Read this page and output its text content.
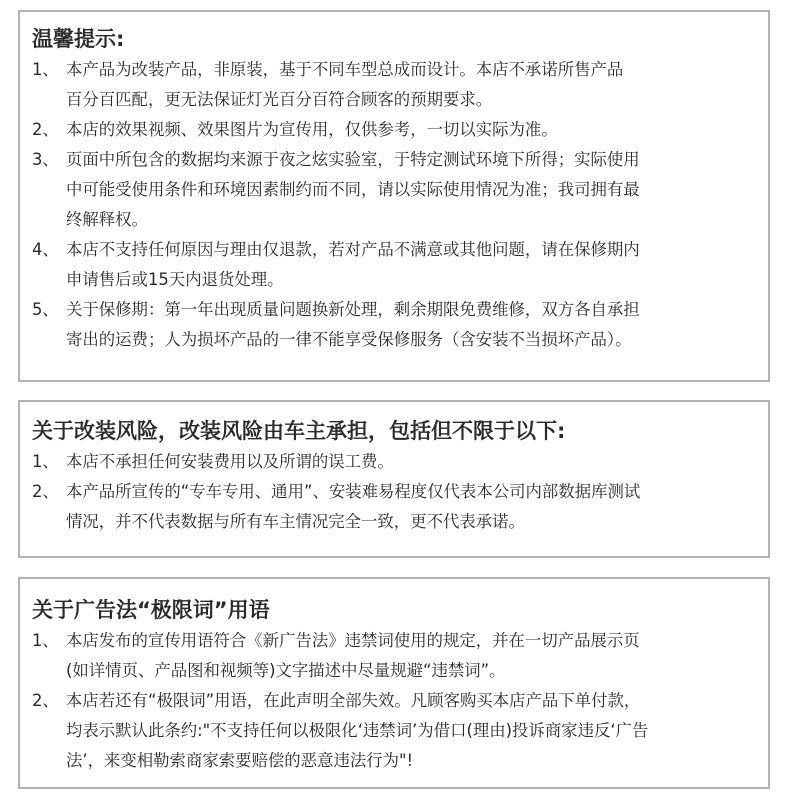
温馨提示:
1、 本产品为改装产品，非原装，基于不同车型总成而设计。本店不承诺所售产品
百分百匹配，更无法保证灯光百分百符合顾客的预期要求。
2、 本店的效果视频、效果图片为宣传用，仅供参考，一切以实际为准。
3、 页面中所包含的数据均来源于夜之炫实验室，于特定测试环境下所得；实际使用
中可能受使用条件和环境因素制约而不同，请以实际使用情况为准；我司拥有最
终解释权。
4、 本店不支持任何原因与理由仅退款，若对产品不满意或其他问题，请在保修期内
申请售后或15天内退货处理。
5、 关于保修期：第一年出现质量问题换新处理，剩余期限免费维修，双方各自承担
寄出的运费；人为损坏产品的一律不能享受保修服务（含安装不当损坏产品）。
关于改装风险，改装风险由车主承担，包括但不限于以下:
1、 本店不承担任何安装费用以及所谓的误工费。
2、 本产品所宣传的“专车专用、通用”、安装难易程度仅代表本公司内部数据库测试
情况，并不代表数据与所有车主情况完全一致，更不代表承诺。
关于广告法“极限词”用语
1、 本店发布的宣传用语符合《新广告法》违禁词使用的规定，并在一切产品展示页
(如详情页、产品图和视频等)文字描述中尽量规避“违禁词”。
2、 本店若还有“极限词”用语，在此声明全部失效。凡顾客购买本店产品下单付款，
均表示默认此条约:"不支持任何以极限化‘违禁词’为借口(理由)投诉商家违反‘广告
法’，来变相勒索商家索要赔偿的恶意违法行为"!
